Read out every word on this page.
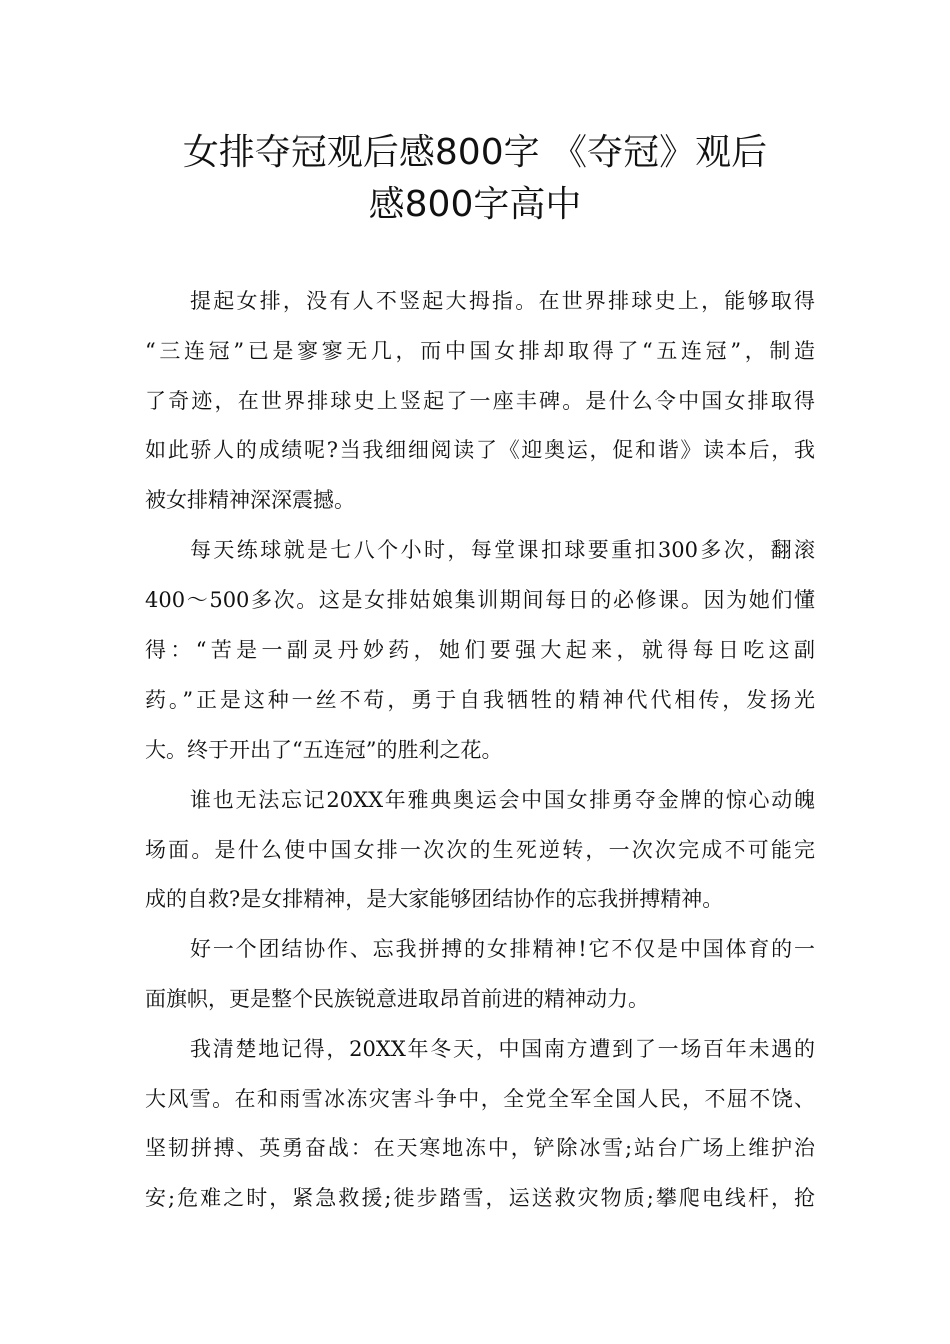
女排夺冠观后感800字 《夺冠》观后
感800字高中
提起女排，没有人不竖起大拇指。在世界排球史上，能够取得
“三连冠”已是寥寥无几，而中国女排却取得了“五连冠”，制造
了奇迹，在世界排球史上竖起了一座丰碑。是什么令中国女排取得
如此骄人的成绩呢?当我细细阅读了《迎奥运，促和谐》读本后，我
被女排精神深深震撼。
每天练球就是七八个小时，每堂课扣球要重扣300多次，翻滚
400～500多次。这是女排姑娘集训期间每日的必修课。因为她们懂
得：“苦是一副灵丹妙药，她们要强大起来，就得每日吃这副
药。”正是这种一丝不苟，勇于自我牺牲的精神代代相传，发扬光
大。终于开出了“五连冠”的胜利之花。
谁也无法忘记20XX年雅典奥运会中国女排勇夺金牌的惊心动魄
场面。是什么使中国女排一次次的生死逆转，一次次完成不可能完
成的自救?是女排精神，是大家能够团结协作的忘我拼搏精神。
好一个团结协作、忘我拼搏的女排精神!它不仅是中国体育的一
面旗帜，更是整个民族锐意进取昂首前进的精神动力。
我清楚地记得，20XX年冬天，中国南方遭到了一场百年未遇的
大风雪。在和雨雪冰冻灾害斗争中，全党全军全国人民，不屈不饶、
坚韧拼搏、英勇奋战：在天寒地冻中，铲除冰雪;站台广场上维护治
安;危难之时，紧急救援;徙步踏雪，运送救灾物质;攀爬电线杆，抢
